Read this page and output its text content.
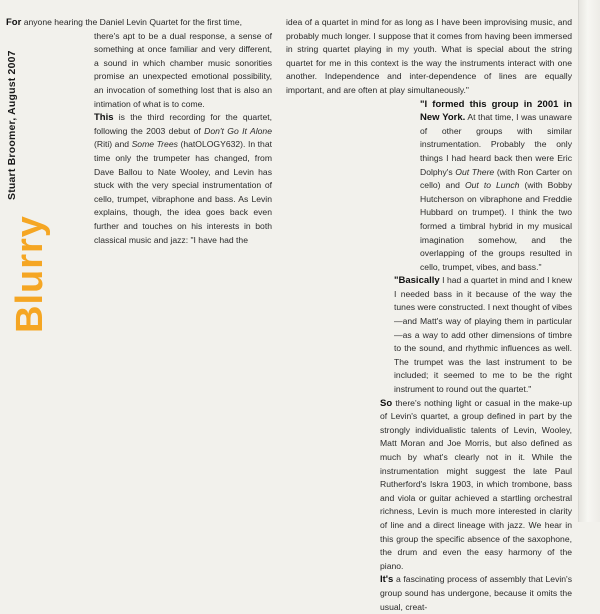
Stuart Broomer, August 2007
Blurry

For anyone hearing the Daniel Levin Quartet for the first time,

there's apt to be a dual response, a sense of something at once familiar and very different, a sound in which chamber music sonorities promise an unexpected emotional possibility, an invocation of something lost that is also an intimation of what is to come.

This is the third recording for the quartet, following the 2003 debut of Don't Go It Alone (Riti) and Some Trees (hatOLOGY632). In that time only the trumpeter has changed, from Dave Ballou to Nate Wooley, and Levin has stuck with the very special instrumentation of cello, trumpet, vibraphone and bass. As Levin explains, though, the idea goes back even further and touches on his interests in both classical music and jazz: "I have had the

idea of a quartet in mind for as long as I have been improvising music, and probably much longer. I suppose that it comes from having been immersed in string quartet playing in my youth. What is special about the string quartet for me in this context is the way the instruments interact with one another. Independence and inter-dependence of lines are equally important, and are often at play simultaneously."

"I formed this group in 2001 in New York. At that time, I was unaware of other groups with similar instrumentation. Probably the only things I had heard back then were Eric Dolphy's Out There (with Ron Carter on cello) and Out to Lunch (with Bobby Hutcherson on vibraphone and Freddie Hubbard on trumpet). I think the two formed a timbral hybrid in my musical imagination somehow, and the overlapping of the groups resulted in cello, trumpet, vibes, and bass."

"Basically I had a quartet in mind and I knew I needed bass in it because of the way the tunes were constructed. I next thought of vibes—and Matt's way of playing them in particular—as a way to add other dimensions of timbre to the sound, and rhythmic influences as well. The trumpet was the last instrument to be included; it seemed to me to be the right instrument to round out the quartet."

So there's nothing light or casual in the make-up of Levin's quartet, a group defined in part by the strongly individualistic talents of Levin, Wooley, Matt Moran and Joe Morris, but also defined as much by what's clearly not in it. While the instrumentation might suggest the late Paul Rutherford's Iskra 1903, in which trombone, bass and viola or guitar achieved a startling orchestral richness, Levin is much more interested in clarity of line and a direct lineage with jazz. We hear in this group the specific absence of the saxophone, the drum and even the easy harmony of the piano.

It's a fascinating process of assembly that Levin's group sound has undergone, because it omits the usual, creat-
